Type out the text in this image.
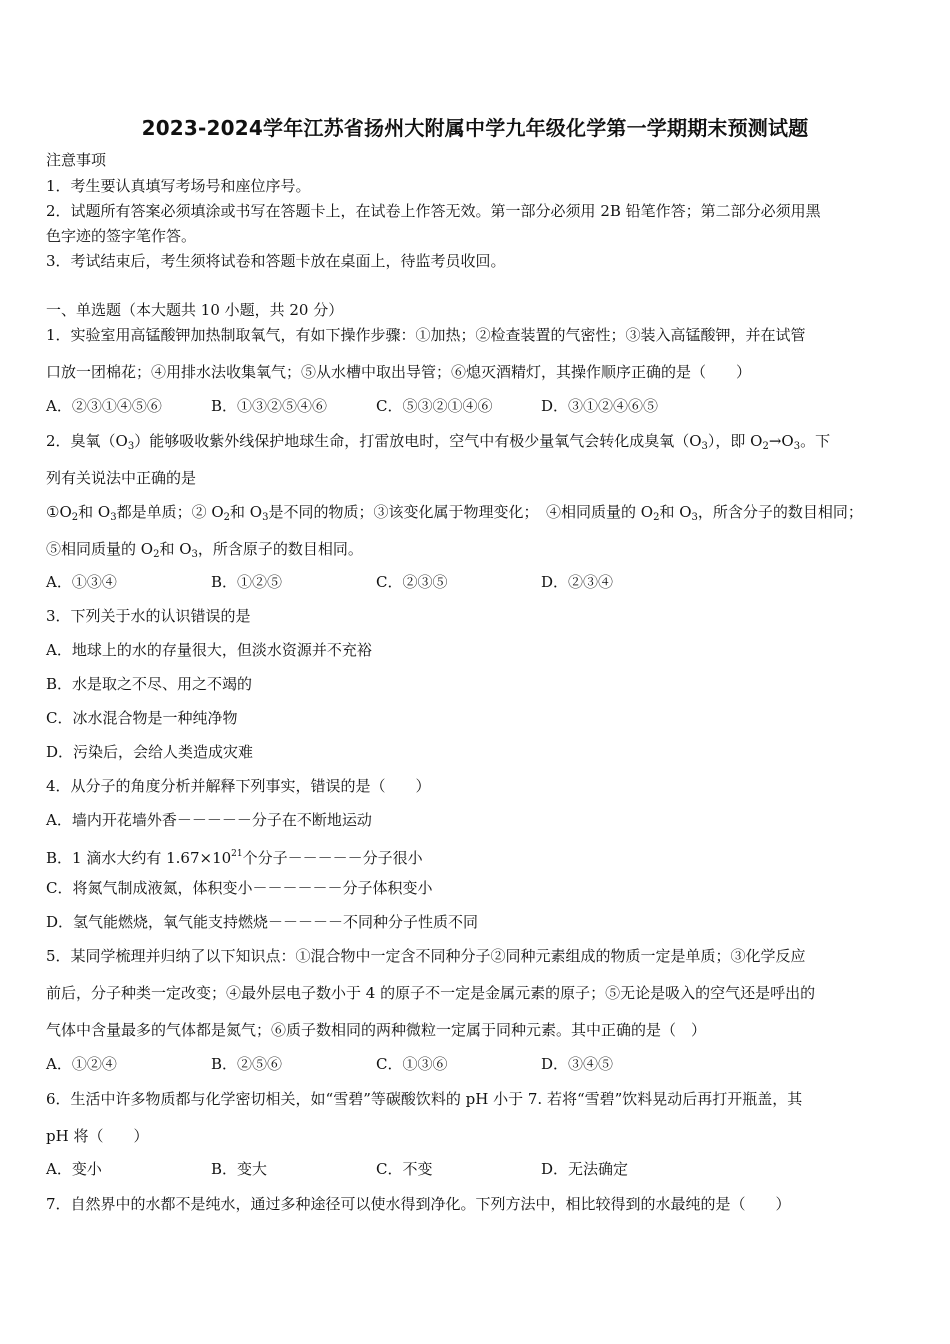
2023-2024学年江苏省扬州大附属中学九年级化学第一学期期末预测试题
注意事项
1．考生要认真填写考场号和座位序号。
2．试题所有答案必须填涂或书写在答题卡上，在试卷上作答无效。第一部分必须用 2B 铅笔作答；第二部分必须用黑
色字迹的签字笔作答。
3．考试结束后，考生须将试卷和答题卡放在桌面上，待监考员收回。
一、单选题（本大题共 10 小题，共 20 分）
1．实验室用高锰酸钾加热制取氧气，有如下操作步骤：①加热；②检查装置的气密性；③装入高锰酸钾，并在试管
口放一团棉花；④用排水法收集氧气；⑤从水槽中取出导管；⑥熄灭酒精灯，其操作顺序正确的是（　　）
A．②③①④⑤⑥	B．①③②⑤④⑥	C．⑤③②①④⑥	D．③①②④⑥⑤
2．臭氧$(O_3)$能够吸收紫外线保护地球生命，打雷放电时，空气中有极少量氧气会转化成臭氧$(O_3)$，即 $O_2\to O_3$。下
列有关说法中正确的是
$①O_2$和 $O_3$都是单质；② $O_2$和 $O_3$是不同的物质；③该变化属于物理变化；　④相同质量的 $O_2$和 $O_3$，所含分子的数目相同；
⑤相同质量的 $O_2$和 $O_3$，所含原子的数目相同。
A．①③④	B．①②⑤	C．②③⑤	D．②③④
3．下列关于水的认识错误的是
A．地球上的水的存量很大，但淡水资源并不充裕
B．水是取之不尽、用之不竭的
C．冰水混合物是一种纯净物
D．污染后，会给人类造成灾难
4．从分子的角度分析并解释下列事实，错误的是（　　）
A．墙内开花墙外香－－－－－分子在不断地运动
B．1 滴水大约有 $1.67\times 10^{21}$个分子－－－－－分子很小
C．将氮气制成液氮，体积变小－－－－－－分子体积变小
D．氢气能燃烧，氧气能支持燃烧－－－－－不同种分子性质不同
5．某同学梳理并归纳了以下知识点：①混合物中一定含不同种分子②同种元素组成的物质一定是单质；③化学反应
前后，分子种类一定改变；④最外层电子数小于 4 的原子不一定是金属元素的原子；⑤无论是吸入的空气还是呼出的
气体中含量最多的气体都是氮气；⑥质子数相同的两种微粒一定属于同种元素。其中正确的是（　）
A．①②④	B．②⑤⑥	C．①③⑥	D．③④⑤
6．生活中许多物质都与化学密切相关，如“雪碧”等碳酸饮料的 pH 小于 7. 若将“雪碧”饮料晃动后再打开瓶盖，其
pH 将（　　）
A．变小	B．变大	C．不变	D．无法确定
7．自然界中的水都不是纯水，通过多种途径可以使水得到净化。下列方法中，相比较得到的水最纯的是（　　）
